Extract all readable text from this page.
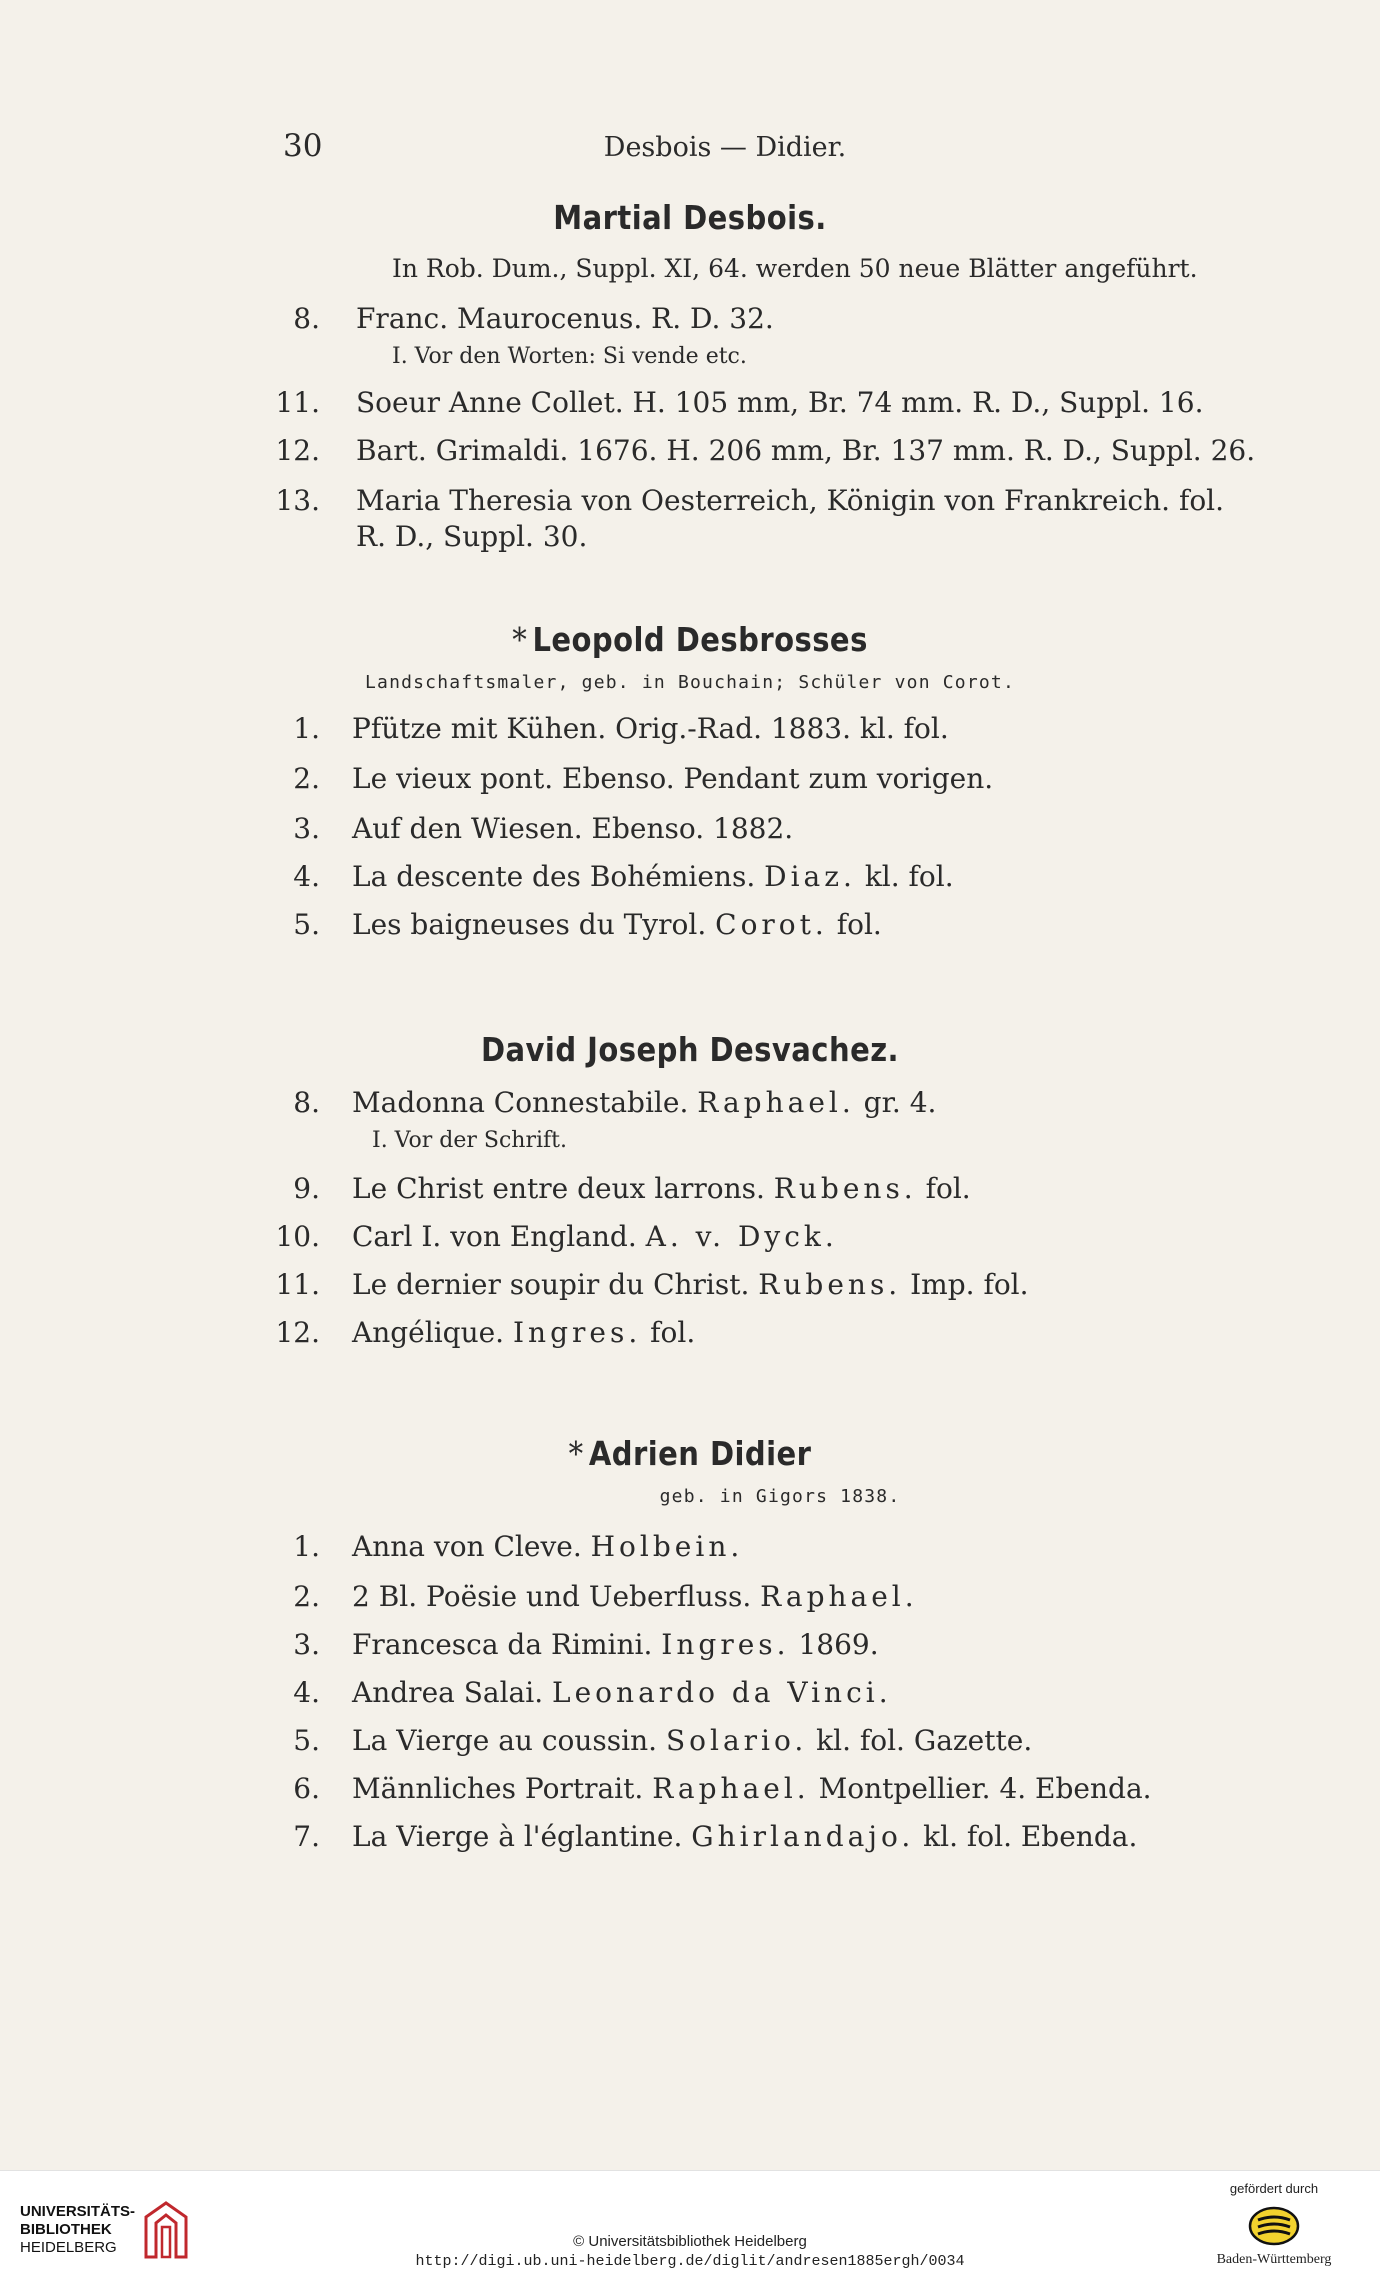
30	Desbois — Didier.
Martial Desbois.
In Rob. Dum., Suppl. XI, 64. werden 50 neue Blätter angeführt.
8. Franc. Maurocenus. R. D. 32.
I. Vor den Worten: Si vende etc.
11. Soeur Anne Collet. H. 105 mm, Br. 74 mm. R. D., Suppl. 16.
12. Bart. Grimaldi. 1676. H. 206 mm, Br. 137 mm. R. D., Suppl. 26.
13. Maria Theresia von Oesterreich, Königin von Frankreich. fol.
R. D., Suppl. 30.
* Leopold Desbrosses
Landschaftsmaler, geb. in Bouchain; Schüler von Corot.
1. Pfütze mit Kühen. Orig.-Rad. 1883. kl. fol.
2. Le vieux pont. Ebenso. Pendant zum vorigen.
3. Auf den Wiesen. Ebenso. 1882.
4. La descente des Bohémiens. Diaz. kl. fol.
5. Les baigneuses du Tyrol. Corot. fol.
David Joseph Desvachez.
8. Madonna Connestabile. Raphael. gr. 4.
I. Vor der Schrift.
9. Le Christ entre deux larrons. Rubens. fol.
10. Carl I. von England. A. v. Dyck.
11. Le dernier soupir du Christ. Rubens. Imp. fol.
12. Angélique. Ingres. fol.
* Adrien Didier
geb. in Gigors 1838.
1. Anna von Cleve. Holbein.
2. 2 Bl. Poësie und Ueberfluss. Raphael.
3. Francesca da Rimini. Ingres. 1869.
4. Andrea Salai. Leonardo da Vinci.
5. La Vierge au coussin. Solario. kl. fol. Gazette.
6. Männliches Portrait. Raphael. Montpellier. 4. Ebenda.
7. La Vierge à l'églantine. Ghirlandajo. kl. fol. Ebenda.
UNIVERSITÄTS-
BIBLIOTHEK
HEIDELBERG	© Universitätsbibliothek Heidelberg
http://digi.ub.uni-heidelberg.de/diglit/andresen1885ergh/0034
gefördert durch
Baden-Württemberg
